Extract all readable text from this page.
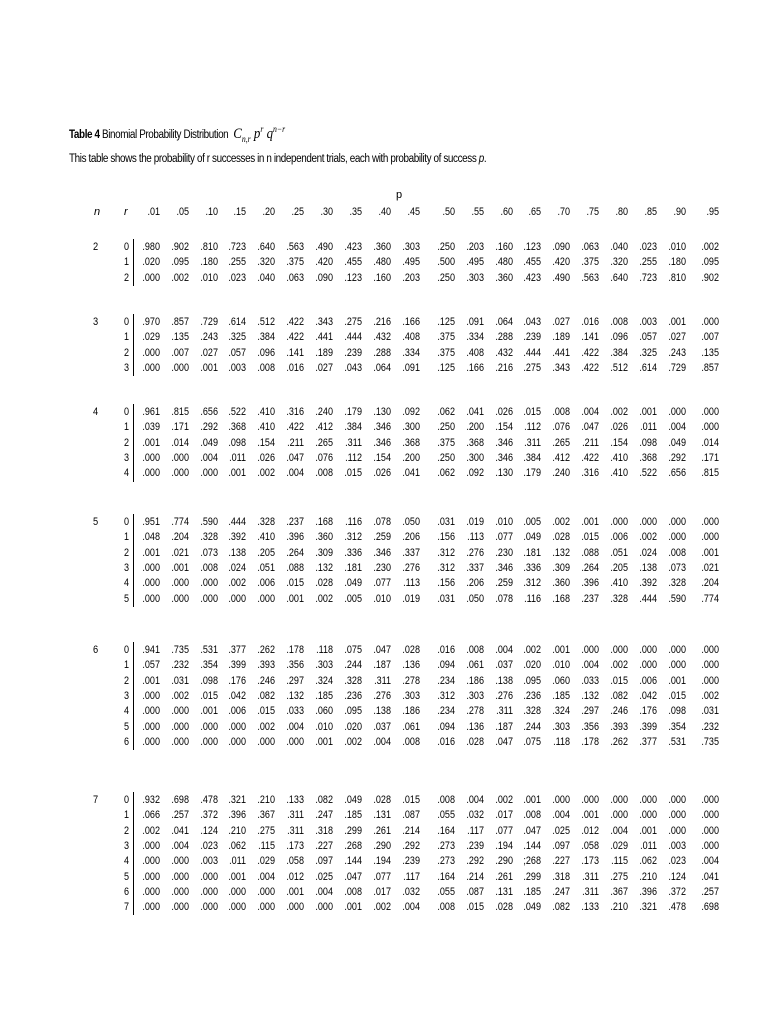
Table 4 Binomial Probability Distribution $C_{n,r}$ $p^r$ $q^{n-r}$
This table shows the probability of r successes in n independent trials, each with probability of success p.
p
n r	.01	.05	.10	.15	.20	.25	.30	.35	.40	.45	.50	.55	.60	.65	.70	.75	.80	.85	.90	.95
2	0	.980	.902	.810 .723	.640	.563	.490	.423	.360	.303	.250	.203	.160 .123	.090	.063	.040	.023	.010	.002
1	.020	.095	.180 .255	.320	.375	.420	.455	.480	.495	.500	.495	.480 .455	.420	.375	.320	.255	.180	.095
2	.000	.002	.010 .023	.040	.063	.090	.123	.160	.203	.250	.303	.360 .423	.490	.563	.640	.723	.810	.902
3	0	.970	.857	.729 .614	.512	.422	.343	.275	.216	.166	.125	.091	.064 .043	.027	.016	.008	.003	.001	.000
1	.029	.135	.243 .325	.384	.422	.441	.444	.432	.408	.375	.334	.288 .239	.189	.141	.096	.057	.027	.007
2	.000	.007	.027 .057	.096	.141	.189	.239	.288	.334	.375	.408	.432 .444	.441	.422	.384	.325	.243	.135
3	.000	.000	.001 .003	.008	.016	.027	.043	.064	.091	.125	.166	.216 .275	.343	.422	.512	.614	.729	.857
4	0	.961	.815	.656 .522	.410	.316	.240	.179	.130	.092	.062	.041	.026 .015	.008	.004	.002	.001	.000	.000
1	.039	.171	.292 .368	.410	.422	.412	.384	.346	.300	.250	.200	.154 .112	.076	.047	.026	.011	.004	.000
2	.001	.014	.049 .098	.154	.211	.265	.311	.346	.368	.375	.368	.346 .311	.265	.211	.154	.098	.049	.014
3	.000	.000	.004 .011	.026	.047	.076	.112	.154	.200	.250	.300	.346 .384	.412	.422	.410	.368	.292	.171
4	.000	.000	.000 .001	.002	.004	.008	.015	.026	.041	.062	.092	.130 .179	.240	.316	.410	.522	.656	.815
5	0	.951	.774	.590 .444	.328	.237	.168	.116	.078	.050	.031	.019	.010 .005	.002	.001	.000	.000	.000	.000
1	.048	.204	.328 .392	.410	.396	.360	.312	.259	.206	.156	.113	.077 .049	.028	.015	.006	.002	.000	.000
2	.001	.021	.073 .138	.205	.264	.309	.336	.346	.337	.312	.276	.230 .181	.132	.088	.051	.024	.008	.001
3	.000	.001	.008 .024	.051	.088	.132	.181	.230	.276	.312	.337	.346 .336	.309	.264	.205	.138	.073	.021
4	.000	.000	.000 .002	.006	.015	.028	.049	.077	.113	.156	.206	.259 .312	.360	.396	.410	.392	.328	.204
5	.000	.000	.000 .000	.000	.001	.002	.005	.010	.019	.031	.050	.078 .116	.168	.237	.328	.444	.590	.774
6	0	.941	.735	.531 .377	.262	.178	.118	.075	.047	.028	.016	.008	.004 .002	.001	.000	.000	.000	.000	.000
1	.057	.232	.354 .399	.393	.356	.303	.244	.187	.136	.094	.061	.037 .020	.010	.004	.002	.000	.000	.000
2	.001	.031	.098 .176	.246	.297	.324	.328	.311	.278	.234	.186	.138 .095	.060	.033	.015	.006	.001	.000
3	.000	.002	.015 .042	.082	.132	.185	.236	.276	.303	.312	.303	.276 .236	.185	.132	.082	.042	.015	.002
4	.000	.000	.001 .006	.015	.033	.060	.095	.138	.186	.234	.278	.311 .328	.324	.297	.246	.176	.098	.031
5	.000	.000	.000 .000	.002	.004	.010	.020	.037	.061	.094	.136	.187 .244	.303	.356	.393	.399	.354	.232
6	.000	.000	.000 .000	.000	.000	.001	.002	.004	.008	.016	.028	.047 .075	.118	.178	.262	.377	.531	.735
7	0	.932	.698	.478 .321	.210	.133	.082	.049	.028	.015	.008	.004	.002 .001	.000	.000	.000	.000	.000	.000
1	.066	.257	.372 .396	.367	.311	.247	.185	.131	.087	.055	.032	.017 .008	.004	.001	.000	.000	.000	.000
2	.002	.041	.124 .210	.275	.311	.318	.299	.261	.214	.164	.117	.077 .047	.025	.012	.004	.001	.000	.000
3	.000	.004	.023 .062	.115	.173	.227	.268	.290	.292	.273	.239	.194 .144	.097	.058	.029	.011	.003	.000
4	.000	.000	.003 .011	.029	.058	.097	.144	.194	.239	.273	.292	.290 ;268	.227	.173	.115	.062	.023	.004
5	.000	.000	.000 .001	.004	.012	.025	.047	.077	.117	.164	.214	.261 .299	.318	.311	.275	.210	.124	.041
6	.000	.000	.000 .000	.000	.001	.004	.008	.017	.032	.055	.087	.131 .185	.247	.311	.367	.396	.372	.257
7	.000	.000	.000 .000	.000	.000	.000	.001	.002	.004	.008	.015	.028 .049	.082	.133	.210	.321	.478	.698
